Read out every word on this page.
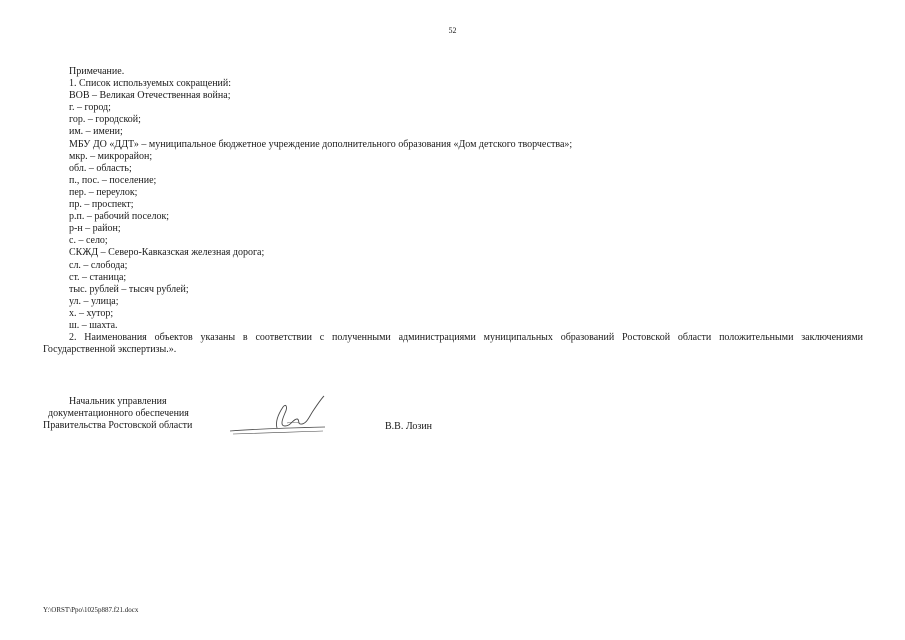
52
Примечание.
1. Список используемых сокращений:
ВОВ – Великая Отечественная война;
г. – город;
гор. – городской;
им. – имени;
МБУ ДО «ДДТ» – муниципальное бюджетное учреждение дополнительного образования «Дом детского творчества»;
мкр. – микрорайон;
обл. – область;
п., пос. – поселение;
пер. – переулок;
пр. – проспект;
р.п. – рабочий поселок;
р-н – район;
с. – село;
СКЖД – Северо-Кавказская железная дорога;
сл. – слобода;
ст. – станица;
тыс. рублей – тысяч рублей;
ул. – улица;
х. – хутор;
ш. – шахта.
2. Наименования объектов указаны в соответствии с полученными администрациями муниципальных образований Ростовской области положительными заключениями Государственной экспертизы.».
Начальник управления
документационного обеспечения
Правительства Ростовской области	В.В. Лозин
Y:\ORST\Ppo\1025p887.f21.docx
